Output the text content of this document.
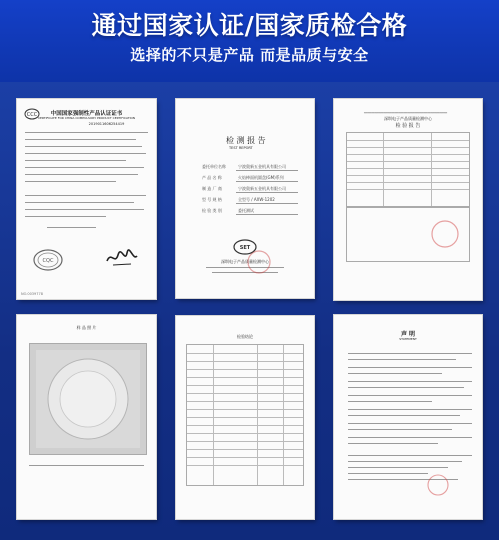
通过国家认证/国家质检合格
选择的不只是产品 而是品质与安全
CCC	中国国家强制性产品认证证书
CERTIFICATE FOR CHINA COMPULSORY PRODUCT CERTIFICATION
2019011606254419
CQC
NO.0039778
检 测 报 告
TEST REPORT
委托单位名称	宁波奥新五金机具有限公司
产 品 名 称	火焰棒面机圆盘(GM)系列
制 造 厂 商	宁波奥新五金机具有限公司
型 号 规 格	全型号 / AXW-1202
检 验 类 别	委托测试
SET
深圳电子产品质量检测中心
━━━━━━━━━━━━━━━━━━━━━━━━━━━━━━━━━━━━━━━━━━━━━━
深圳电子产品质量检测中心
检 验 报 告
样 品 照 片
检验结论	声 明
STATEMENT
